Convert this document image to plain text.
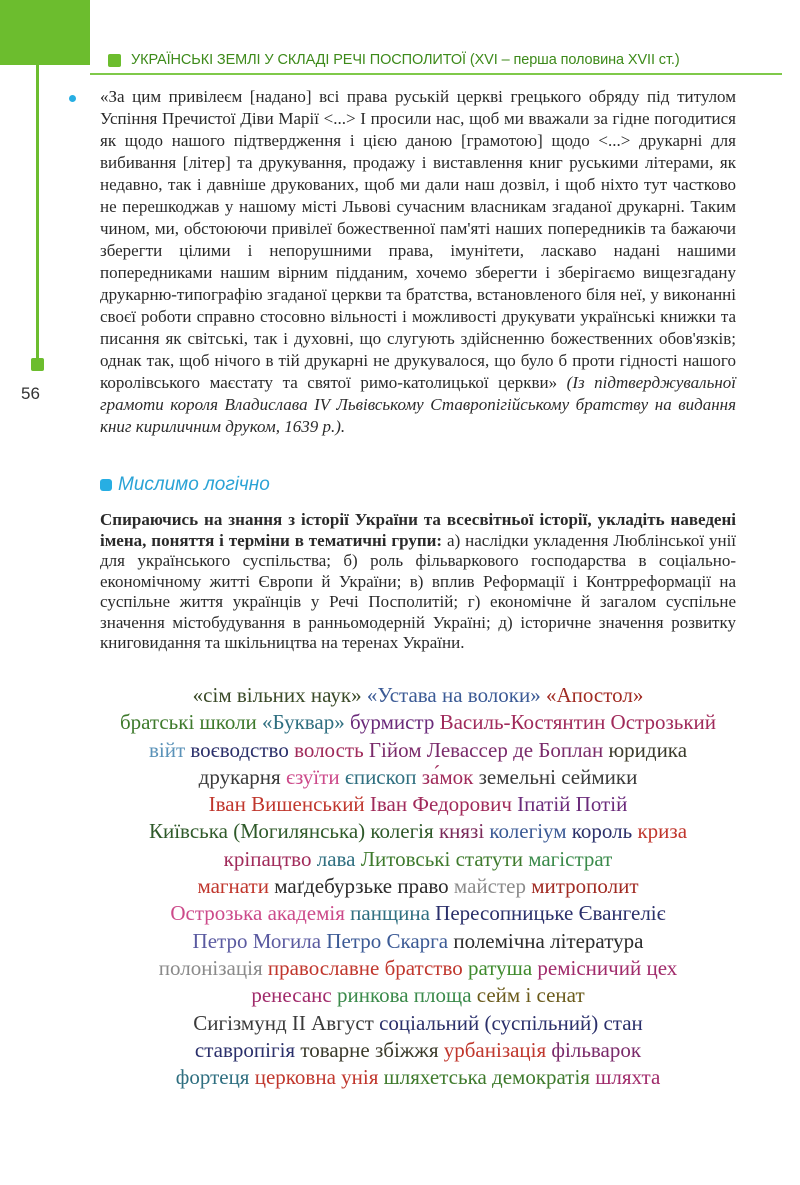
56
УКРАЇНСЬКІ ЗЕМЛІ У СКЛАДІ РЕЧІ ПОСПОЛИТОЇ (XVI – перша половина XVII ст.)
«За цим привілеєм [надано] всі права руській церкві грецького обряду під титулом Успіння Пречистої Діви Марії <...> І просили нас, щоб ми вважали за гідне погодитися як щодо нашого підтвердження і цією даною [грамотою] щодо <...> друкарні для вибивання [літер] та друкування, продажу і виставлення книг руськими літерами, як недавно, так і давніше друкованих, щоб ми дали наш дозвіл, і щоб ніхто тут частково не перешкоджав у нашому місті Львові сучасним власникам згаданої друкарні. Таким чином, ми, обстоюючи привілеї божественної пам'яті наших попередників та бажаючи зберегти цілими і непорушними права, імунітети, ласкаво надані нашими попередниками нашим вірним підданим, хочемо зберегти і зберігаємо вищезгадану друкарню-типографію згаданої церкви та братства, встановленого біля неї, у виконанні своєї роботи справно стосовно вільності і можливості друкувати українські книжки та писання як світські, так і духовні, що слугують здійсненню божественних обов'язків; однак так, щоб нічого в тій друкарні не друкувалося, що було б проти гідності нашого королівського маєстату та святої римо-католицької церкви» (Із підтверджувальної грамоти короля Владислава IV Львівському Ставропігійському братству на видання книг кириличним друком, 1639 р.).
Мислимо логічно
Спираючись на знання з історії України та всесвітньої історії, укладіть наведені імена, поняття і терміни в тематичні групи: а) наслідки укладення Люблінської унії для українського суспільства; б) роль фільваркового господарства в соціально-економічному житті Європи й України; в) вплив Реформації і Контрреформації на суспільне життя українців у Речі Посполитій; г) економічне й загалом суспільне значення містобудування в ранньомодерній Україні; д) історичне значення розвитку книговидання та шкільництва на теренах України.
«сім вільних наук» «Устава на волоки» «Апостол»
братські школи «Буквар» бурмистр Василь-Костянтин Острозький
війт воєводство волость Гійом Левассер де Боплан юридика
друкарня єзуїти єпископ за́мок земельні сеймики
Іван Вишенський Іван Федорович Іпатій Потій
Київська (Могилянська) колегія князі колегіум король криза
кріпацтво лава Литовські статути магістрат
магнати маґдебурзьке право майстер митрополит
Острозька академія панщина Пересопницьке Євангеліє
Петро Могила Петро Скарга полемічна література
полонізація православне братство ратуша ремісничий цех
ренесанс ринкова площа сейм і сенат
Сигізмунд ІІ Август соціальний (суспільний) стан
ставропігія товарне збіжжя урбанізація фільварок
фортеця церковна унія шляхетська демократія шляхта
